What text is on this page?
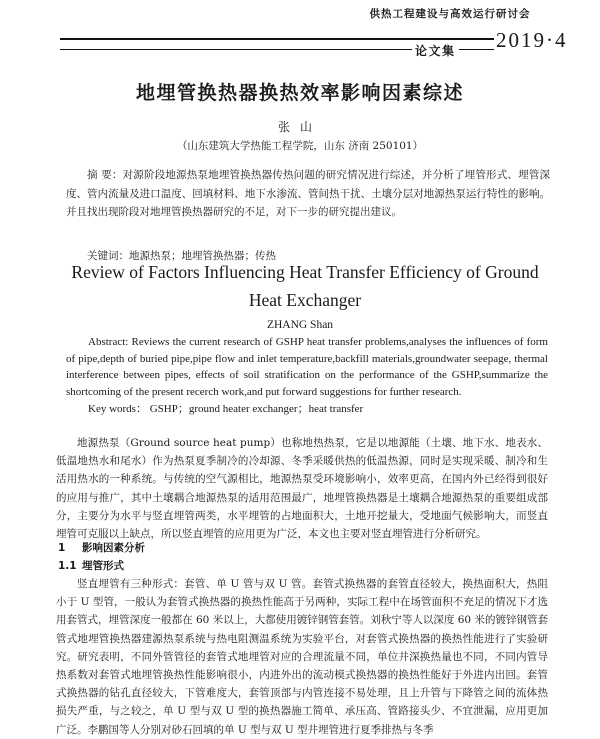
供热工程建设与高效运行研讨会
论文集 2019·4
地埋管换热器换热效率影响因素综述
张山
（山东建筑大学热能工程学院，山东 济南 250101）
摘 要：对源阶段地源热泵地埋管换热器传热问题的研究情况进行综述，并分析了埋管形式、埋管深度、管内流量及进口温度、回填材料、地下水渗流、管间热干扰、土壤分层对地源热泵运行特性的影响。并且找出现阶段对地埋管换热器研究的不足，对下一步的研究提出建议。
关键词：地源热泵；地埋管换热器；传热
Review of Factors Influencing Heat Transfer Efficiency of Ground Heat Exchanger
ZHANG Shan
Abstract: Reviews the current research of GSHP heat transfer problems,analyses the influences of form of pipe,depth of buried pipe,pipe flow and inlet temperature,backfill materials,groundwater seepage, thermal interference between pipes, effects of soil stratification on the performance of the GSHP,summarize the shortcoming of the present recerch work,and put forward suggestions for further research.
Key words： GSHP；ground heater exchanger；heat transfer
地源热泵（Ground source heat pump）也称地热热泵，它是以地源能（土壤、地下水、地表水、低温地热水和尾水）作为热泵夏季制冷的冷却源、冬季采暖供热的低温热源，同时是实现采暖、制冷和生活用热水的一种系统。与传统的空气源相比，地源热泵受环境影响小，效率更高，在国内外已经得到很好的应用与推广，其中土壤耦合地源热泵的适用范围最广，地埋管换热器是土壤耦合地源热泵的重要组成部分，主要分为水平与竖直埋管两类，水平埋管的占地面积大，土地开挖量大，受地面气候影响大，而竖直埋管可克服以上缺点，所以竖直埋管的应用更为广泛，本文也主要对竖直埋管进行分析研究。
1 影响因素分析
1.1 埋管形式
竖直埋管有三种形式：套管、单 U 管与双 U 管。套管式换热器的套管直径较大，换热面积大，热阻小于 U 型管，一般认为套管式换热器的换热性能高于另两种，实际工程中在场管面积不充足的情况下才选用套管式，埋管深度一般都在 60 米以上，大都使用镀锌钢管套管。刘秋宁等人以深度 60 米的镀锌钢管套管式地埋管换热器建源热泵系统与热电阻测温系统为实验平台，对套管式换热器的换热性能进行了实验研究。研究表明，不同外管管径的套管式地埋管对应的合理流量不同，单位井深换热量也不同，不同内管导热系数对套管式地埋管换热性能影响很小，内进外出的流动模式换热器的换热性能好于外进内出回。套管式换热器的钻孔直径较大，下管难度大，套管顶部与内管连接不易处理，且上升管与下降管之间的流体热损失严重，与之较之，单 U 型与双 U 型的换热器施工简单、承压高、管路接头少、不宜泄漏，应用更加广泛。李鹏国等人分别对砂石回填的单 U 型与双 U 型井埋管进行夏季排热与冬季
